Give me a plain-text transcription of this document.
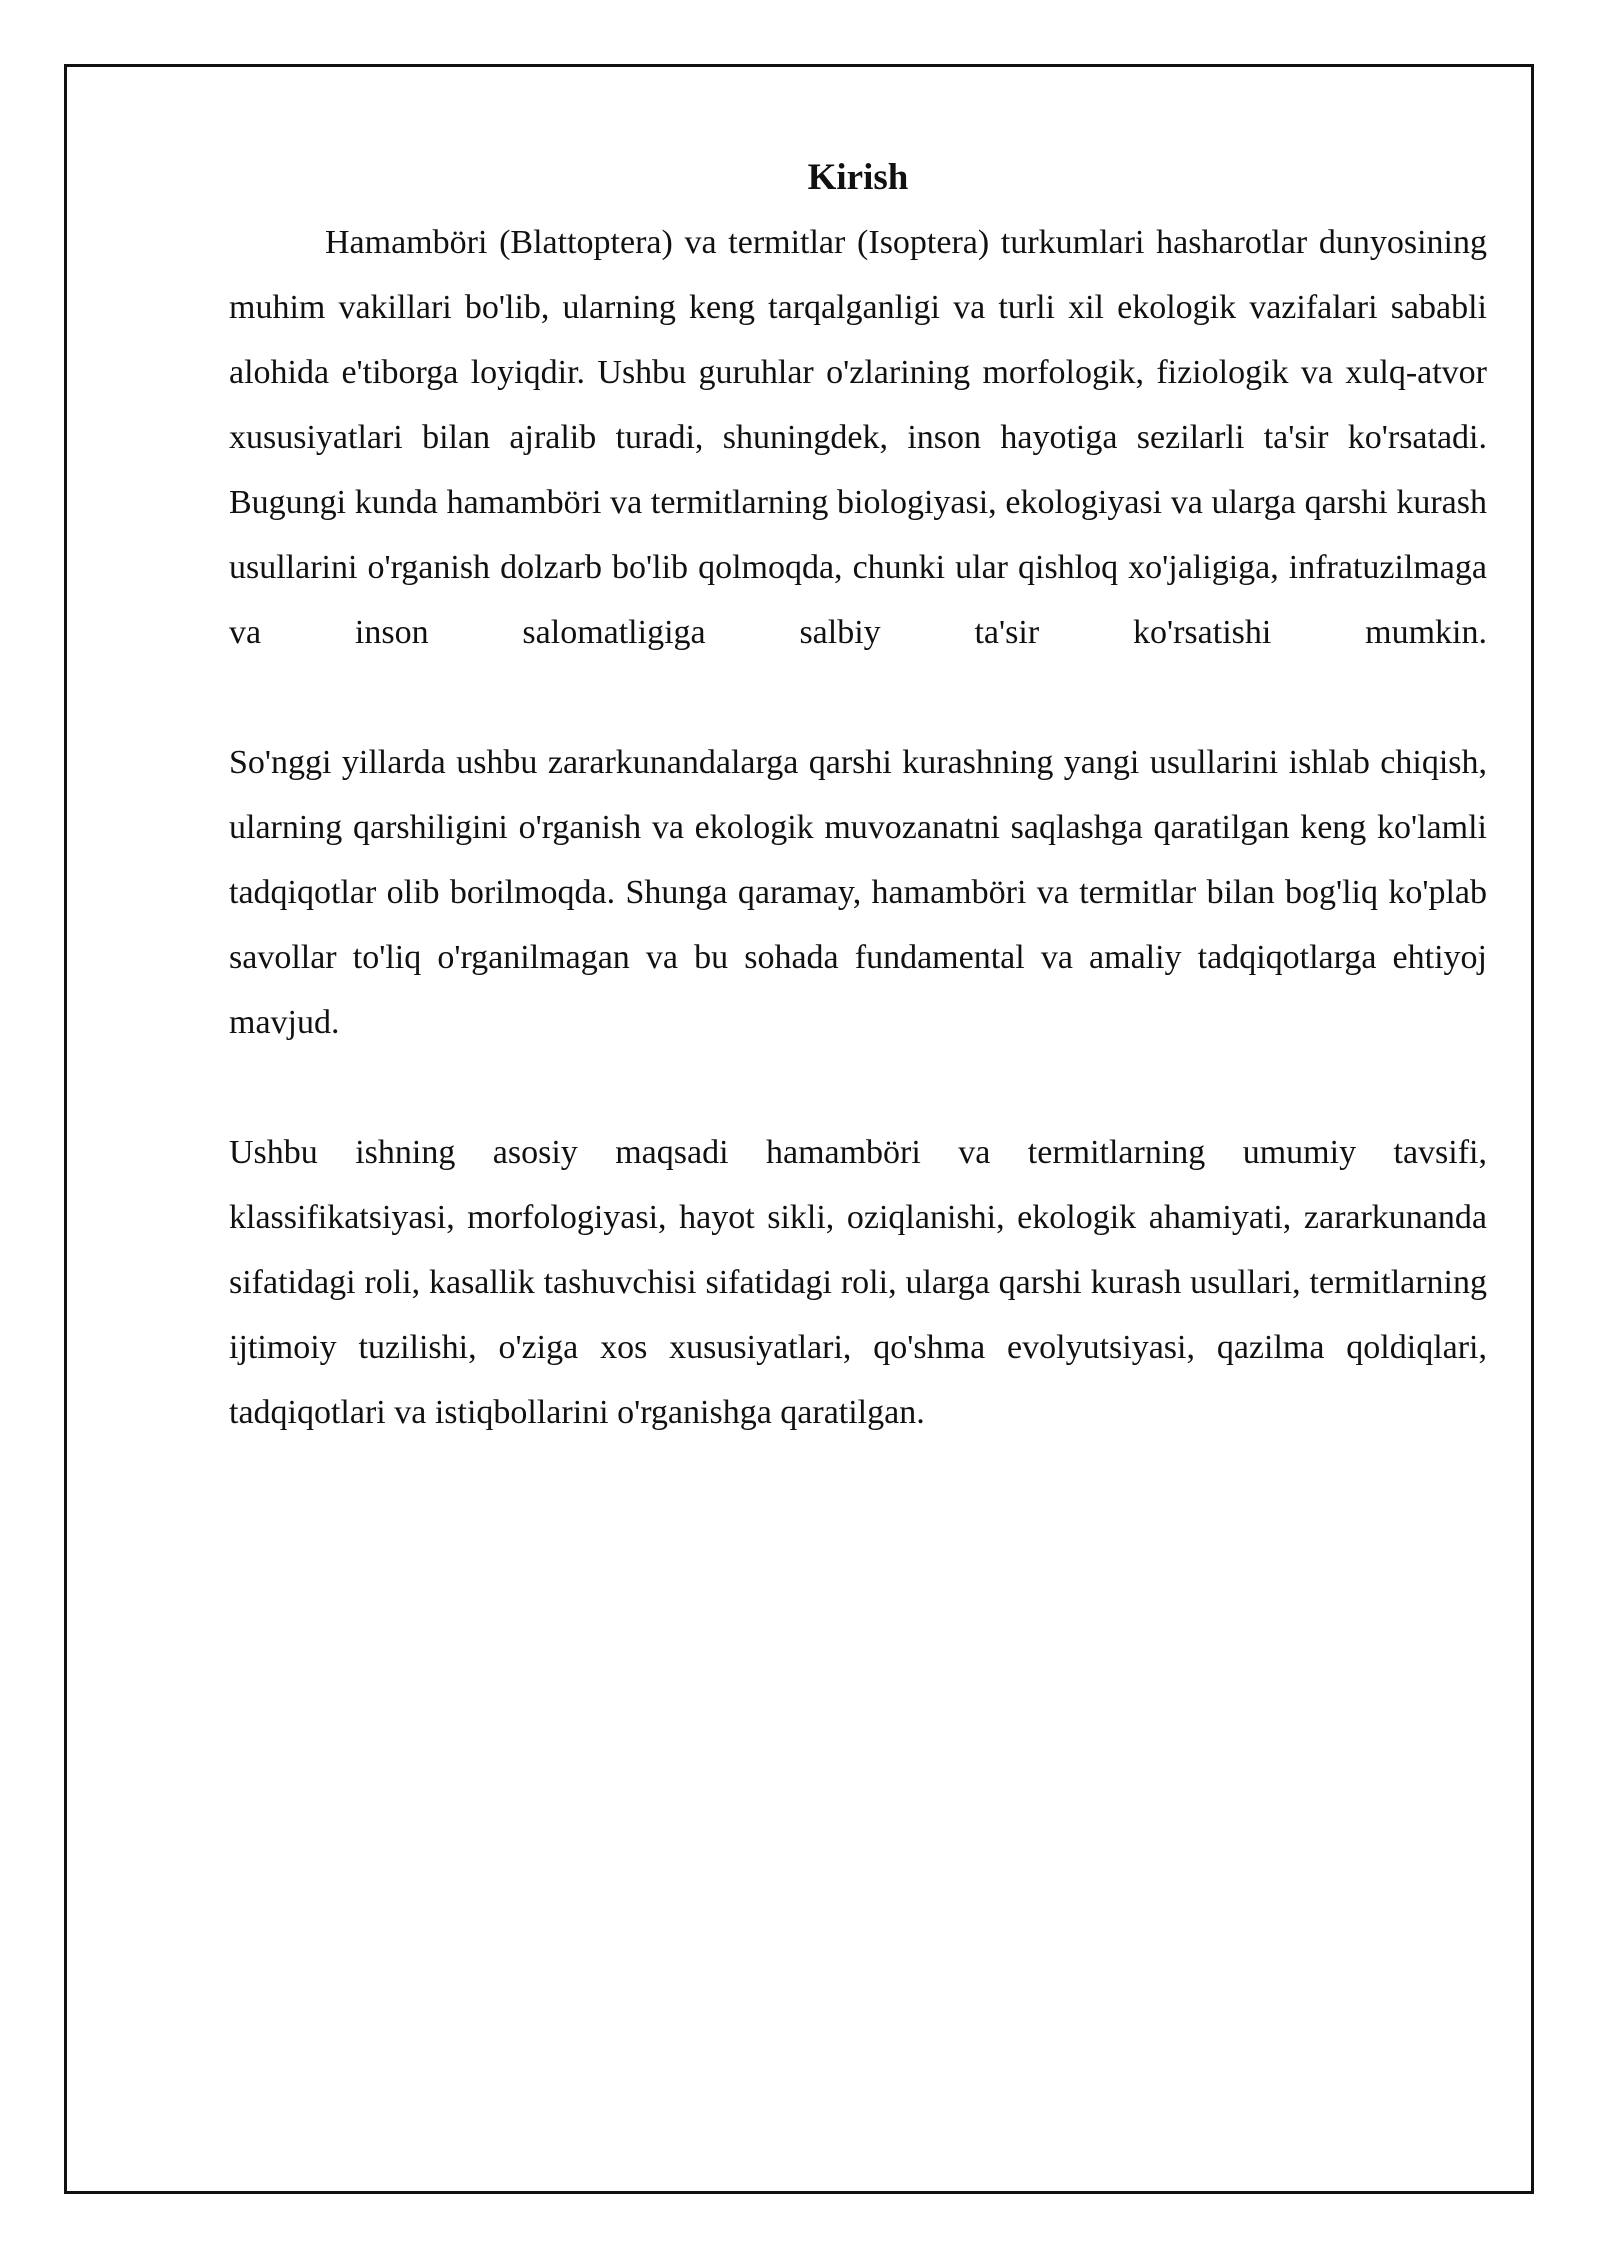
Kirish

Hamamböri (Blattoptera) va termitlar (Isoptera) turkumlari hasharotlar dunyosining muhim vakillari bo'lib, ularning keng tarqalganligi va turli xil ekologik vazifalari sababli alohida e'tiborga loyiqdir. Ushbu guruhlar o'zlarining morfologik, fiziologik va xulq-atvor xususiyatlari bilan ajralib turadi, shuningdek, inson hayotiga sezilarli ta'sir ko'rsatadi. Bugungi kunda hamamböri va termitlarning biologiyasi, ekologiyasi va ularga qarshi kurash usullarini o'rganish dolzarb bo'lib qolmoqda, chunki ular qishloq xo'jaligiga, infratuzilmaga va inson salomatligiga salbiy ta'sir ko'rsatishi mumkin.

So'nggi yillarda ushbu zararkunandalarga qarshi kurashning yangi usullarini ishlab chiqish, ularning qarshiligini o'rganish va ekologik muvozanatni saqlashga qaratilgan keng ko'lamli tadqiqotlar olib borilmoqda. Shunga qaramay, hamamböri va termitlar bilan bog'liq ko'plab savollar to'liq o'rganilmagan va bu sohada fundamental va amaliy tadqiqotlarga ehtiyoj mavjud.

Ushbu ishning asosiy maqsadi hamamböri va termitlarning umumiy tavsifi, klassifikatsiyasi, morfologiyasi, hayot sikli, oziqlanishi, ekologik ahamiyati, zararkunanda sifatidagi roli, kasallik tashuvchisi sifatidagi roli, ularga qarshi kurash usullari, termitlarning ijtimoiy tuzilishi, o'ziga xos xususiyatlari, qo'shma evolyutsiyasi, qazilma qoldiqlari, tadqiqotlari va istiqbollarini o'rganishga qaratilgan.
